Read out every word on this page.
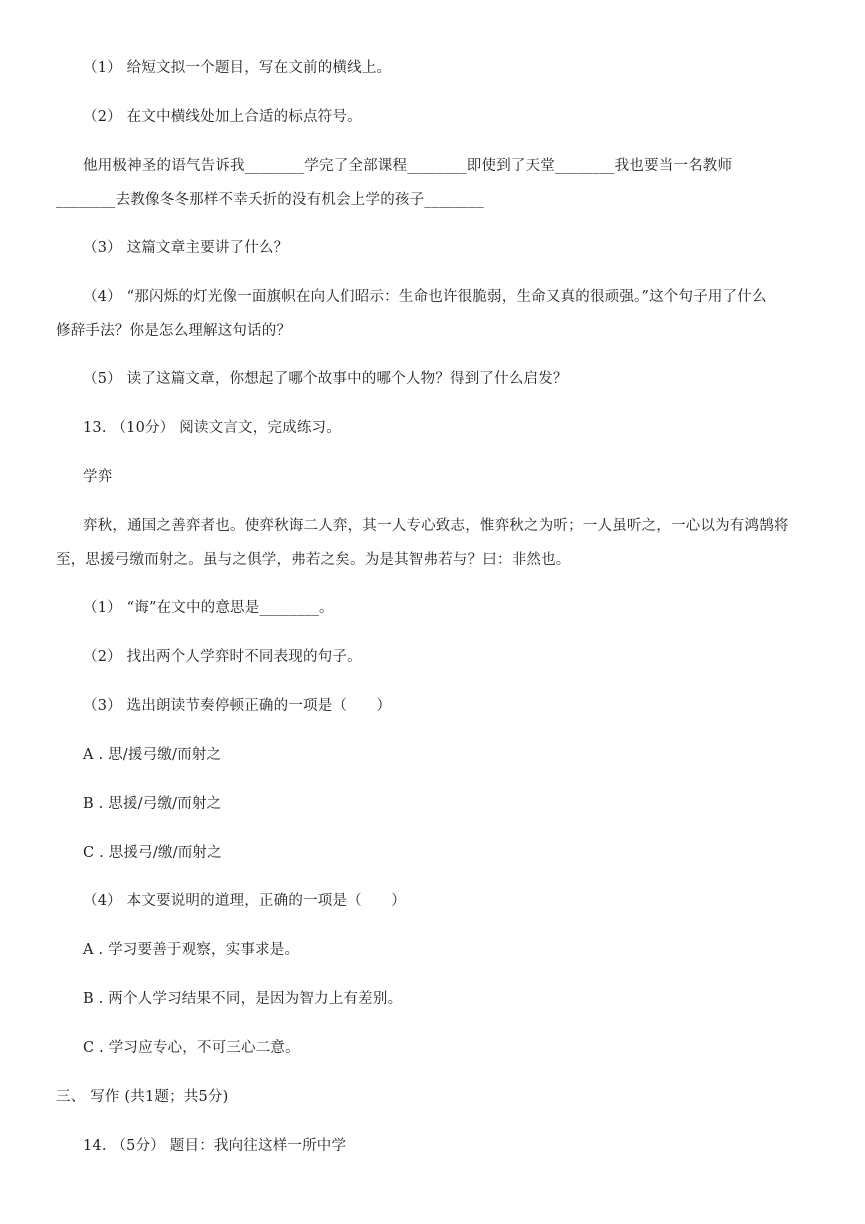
（1） 给短文拟一个题目，写在文前的横线上。
（2） 在文中横线处加上合适的标点符号。
他用极神圣的语气告诉我________学完了全部课程________即使到了天堂________我也要当一名教师
________去教像冬冬那样不幸夭折的没有机会上学的孩子________
（3） 这篇文章主要讲了什么？
（4） “那闪烁的灯光像一面旗帜在向人们昭示：生命也许很脆弱，生命又真的很顽强。”这个句子用了什么
修辞手法？你是怎么理解这句话的？
（5） 读了这篇文章，你想起了哪个故事中的哪个人物？得到了什么启发？
13. （10分） 阅读文言文，完成练习。
学弈
弈秋，通国之善弈者也。使弈秋诲二人弈，其一人专心致志，惟弈秋之为听；一人虽听之，一心以为有鸿鹄将
至，思援弓缴而射之。虽与之俱学，弗若之矣。为是其智弗若与？曰：非然也。
（1） “诲”在文中的意思是________。
（2） 找出两个人学弈时不同表现的句子。
（3） 选出朗读节奏停顿正确的一项是（　　）
A . 思/援弓缴/而射之
B . 思援/弓缴/而射之
C . 思援弓/缴/而射之
（4） 本文要说明的道理，正确的一项是（　　）
A . 学习要善于观察，实事求是。
B . 两个人学习结果不同，是因为智力上有差别。
C . 学习应专心，不可三心二意。
三、 写作 (共1题；共5分)
14. （5分） 题目：我向往这样一所中学
